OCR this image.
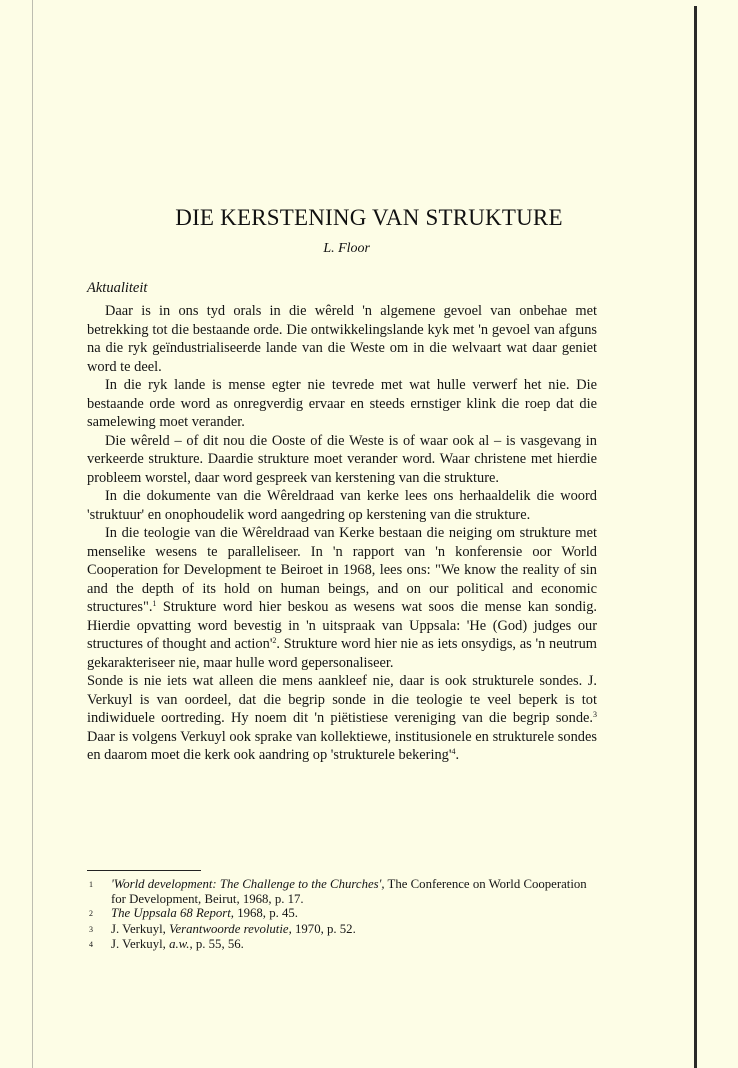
DIE KERSTENING VAN STRUKTURE
L. Floor
Aktualiteit

Daar is in ons tyd orals in die wêreld 'n algemene gevoel van onbehae met betrekking tot die bestaande orde. Die ontwikkelingslande kyk met 'n gevoel van afguns na die ryk geïndustrialiseerde lande van die Weste om in die welvaart wat daar geniet word te deel.

In die ryk lande is mense egter nie tevrede met wat hulle verwerf het nie. Die bestaande orde word as onregverdig ervaar en steeds ernstiger klink die roep dat die samelewing moet verander.

Die wêreld – of dit nou die Ooste of die Weste is of waar ook al – is vasgevang in verkeerde strukture. Daardie strukture moet verander word. Waar christene met hierdie probleem worstel, daar word gespreek van kerstening van die strukture.

In die dokumente van die Wêreldraad van kerke lees ons herhaaldelik die woord 'struktuur' en onophoudelik word aangedring op kerstening van die strukture.

In die teologie van die Wêreldraad van Kerke bestaan die neiging om strukture met menselike wesens te paralleliseer. In 'n rapport van 'n konferensie oor World Cooperation for Development te Beiroet in 1968, lees ons: "We know the reality of sin and the depth of its hold on human beings, and on our political and economic structures".$^1$ Strukture word hier beskou as wesens wat soos die mense kan sondig. Hierdie opvatting word bevestig in 'n uitspraak van Uppsala: 'He (God) judges our structures of thought and $action'^2$. Strukture word hier nie as iets onsydigs, as 'n neutrum gekarakteriseer nie, maar hulle word gepersonaliseer.

Sonde is nie iets wat alleen die mens aankleef nie, daar is ook strukturele sondes. J. Verkuyl is van oordeel, dat die begrip sonde in die teologie te veel beperk is tot indiwiduele oortreding. Hy noem dit 'n piëtistiese vereniging van die begrip sonde.$^3$ Daar is volgens Verkuyl ook sprake van kollektiewe, institusionele en strukturele sondes en daarom moet die kerk ook aandring op 'strukturele $bekering'^4$.

1	'World development: The Challenge to the Churches', The Conference on World Cooperation for Development, Beirut, 1968, p. 17.
2	The Uppsala 68 Report, 1968, p. 45.
3	J. Verkuyl, Verantwoorde revolutie, 1970, p. 52.
4	J. Verkuyl, a.w., p. 55, 56.
